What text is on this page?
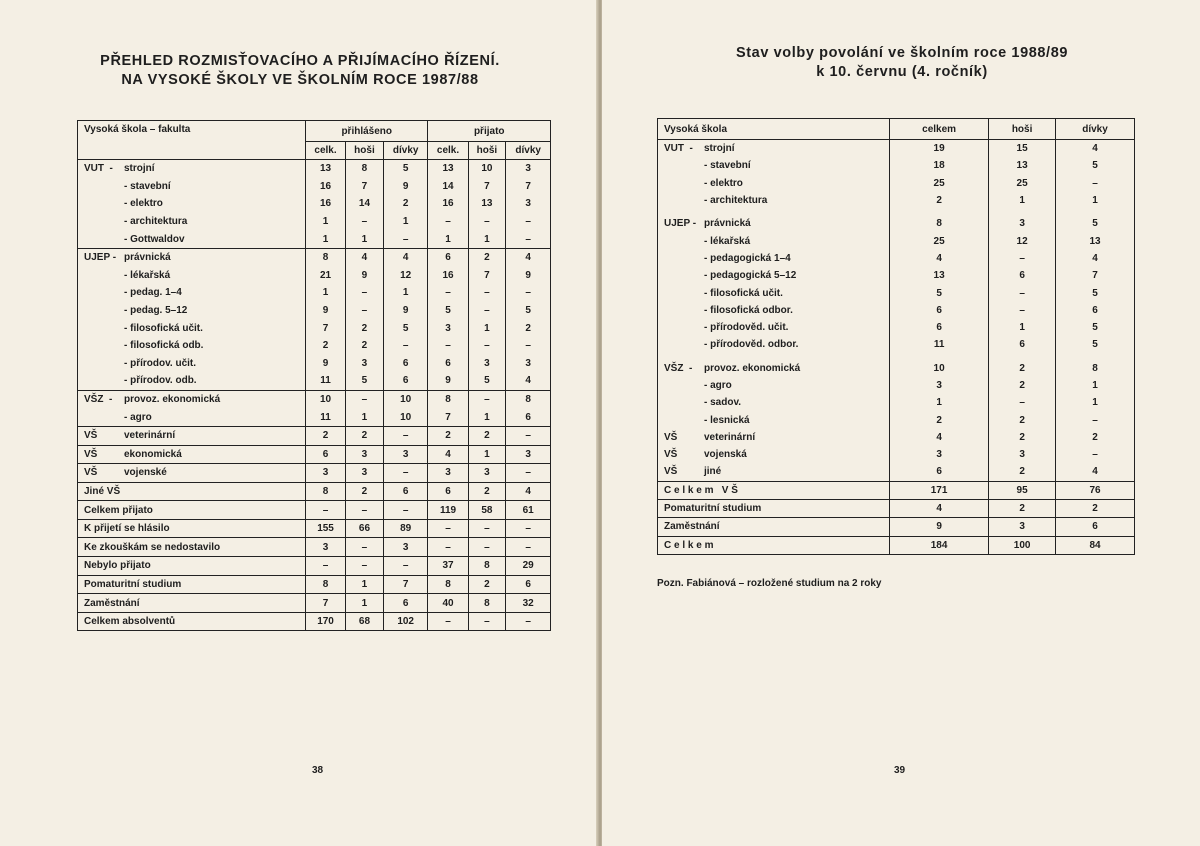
PŘEHLED ROZMISŤOVACÍHO A PŘIJÍMACÍHO ŘÍZENÍ.
NA VYSOKÉ ŠKOLY VE ŠKOLNÍM ROCE 1987/88
Vysoká škola – fakulta	přihlášeno			přijato		
	celk.	hoši	dívky	celk.	hoši	dívky
VUT  - strojní	13	8	5	13	10	3
- stavební	16	7	9	14	7	7
- elektro	16	14	2	16	13	3
- architektura	1	–	1	–	–	–
- Gottwaldov	1	1	–	1	1	–
UJEP - právnická	8	4	4	6	2	4
- lékařská	21	9	12	16	7	9
- pedag. 1–4	1	–	1	–	–	–
- pedag. 5–12	9	–	9	5	–	5
- filosofická učit.	7	2	5	3	1	2
- filosofická odb.	2	2	–	–	–	–
- přírodov. učit.	9	3	6	6	3	3
- přírodov. odb.	11	5	6	9	5	4
VŠZ  - provoz. ekonomická	10	–	10	8	–	8
- agro	11	1	10	7	1	6
VŠ veterinární	2	2	–	2	2	–
VŠ ekonomická	6	3	3	4	1	3
VŠ vojenské	3	3	–	3	3	–
Jiné VŠ	8	2	6	6	2	4
Celkem přijato	–	–	–	119	58	61
K přijetí se hlásilo	155	66	89	–	–	–
Ke zkouškám se nedostavilo	3	–	3	–	–	–
Nebylo přijato	–	–	–	37	8	29
Pomaturitní studium	8	1	7	8	2	6
Zaměstnání	7	1	6	40	8	32
Celkem absolventů	170	68	102	–	–	–
38
Stav volby povolání ve školním roce 1988/89
k 10. červnu (4. ročník)
Vysoká škola	celkem	hoši	dívky
VUT  - strojní	19	15	4
- stavební	18	13	5
- elektro	25	25	–
- architektura	2	1	1

UJEP - právnická	8	3	5
- lékařská	25	12	13
- pedagogická 1–4	4	–	4
- pedagogická 5–12	13	6	7
- filosofická učit.	5	–	5
- filosofická odbor.	6	–	6
- přírodověd. učit.	6	1	5
- přírodověd. odbor.	11	6	5

VŠZ  - provoz. ekonomická	10	2	8
- agro	3	2	1
- sadov.	1	–	1
- lesnická	2	2	–
VŠ veterinární	4	2	2
VŠ vojenská	3	3	–
VŠ jiné	6	2	4
C e l k e m   V Š	171	95	76
Pomaturitní studium	4	2	2
Zaměstnání	9	3	6
C e l k e m	184	100	84
Pozn. Fabiánová – rozložené studium na 2 roky
39
